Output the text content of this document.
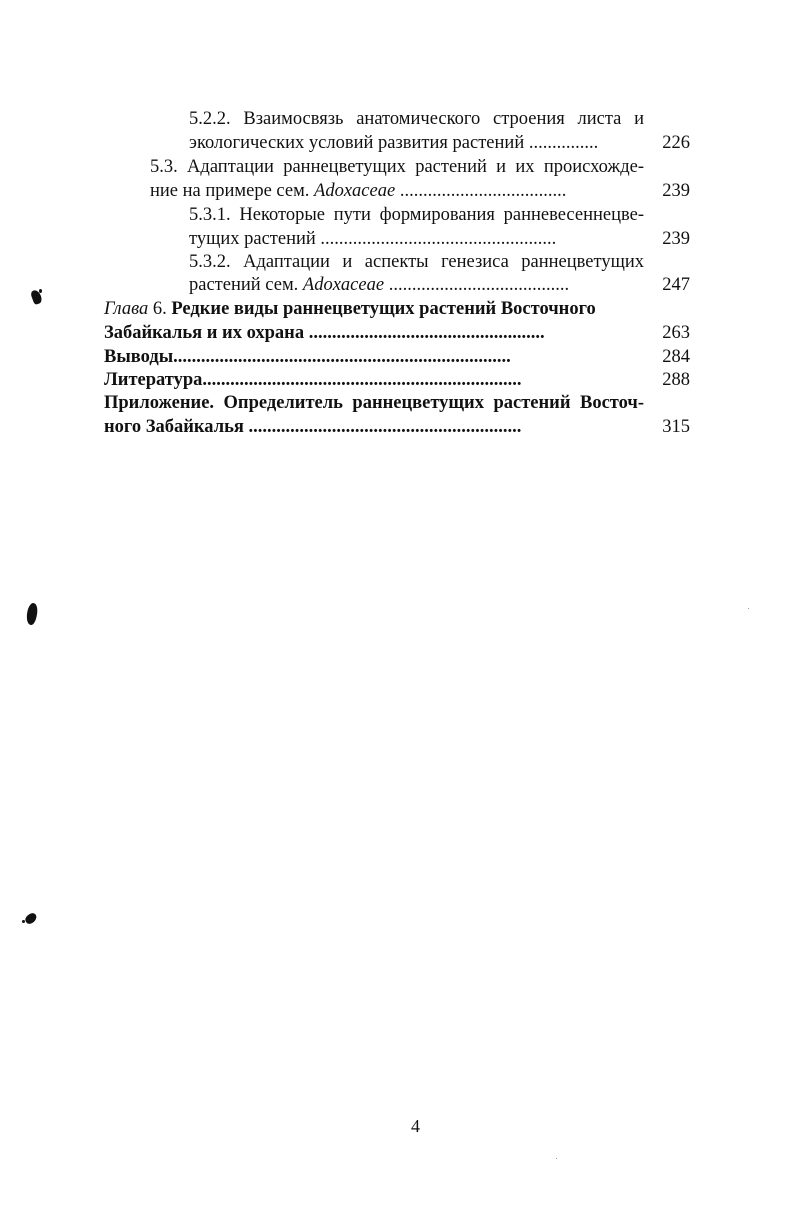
5.2.2. Взаимосвязь анатомического строения листа и
экологических условий развития растений ...............	226
5.3. Адаптации раннецветущих растений и их происхожде-
ние на примере сем. Adoxaceae ....................................	239
5.3.1. Некоторые пути формирования ранневесеннецве-
тущих растений ...................................................	239
5.3.2. Адаптации и аспекты генезиса раннецветущих
растений сем. Adoxaceae .......................................	247
Глава 6. Редкие виды раннецветущих растений Восточного
Забайкалья и их охрана ...................................................	263
Выводы.........................................................................	284
Литература.....................................................................	288
Приложение. Определитель раннецветущих растений Восточ-
ного Забайкалья ...........................................................	315
4
